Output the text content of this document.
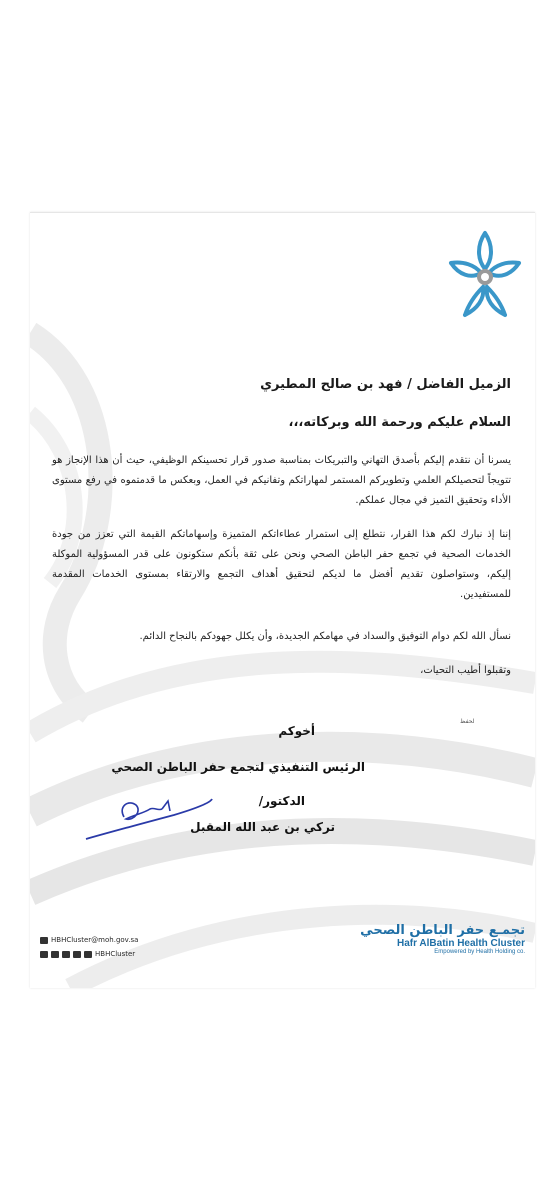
الزميل الفاضل / فهد بن صالح المطيري
السلام عليكم ورحمة الله وبركاته،،،
يسرنا أن نتقدم إليكم بأصدق التهاني والتبريكات بمناسبة صدور قرار تحسينكم الوظيفي، حيث أن هذا الإنجاز هو تتويجاً لتحصيلكم العلمي وتطويركم المستمر لمهاراتكم وتفانيكم في العمل، وبعكس ما قدمتموه في رفع مستوى الأداء وتحقيق التميز في مجال عملكم.
إننا إذ نبارك لكم هذا القرار، نتطلع إلى استمرار عطاءاتكم المتميزة وإسهاماتكم القيمة التي تعزز من جودة الخدمات الصحية في تجمع حفر الباطن الصحي ونحن على ثقة بأنكم ستكونون على قدر المسؤولية الموكلة إليكم، وستواصلون تقديم أفضل ما لديكم لتحقيق أهداف التجمع والارتقاء بمستوى الخدمات المقدمة للمستفيدين.
نسأل الله لكم دوام التوفيق والسداد في مهامكم الجديدة، وأن يكلل جهودكم بالنجاح الدائم.
وتقبلوا أطيب التحيات،
لحفظ
أخوكم
الرئيس التنفيذي لتجمع حفر الباطن الصحي
الدكتور/
تركي بن عبد الله المقبل
HBHCluster@moh.gov.sa
HBHCluster
تجمـع حفر الباطن الصحي
Hafr AlBatin Health Cluster
Empowered by Health Holding co.
